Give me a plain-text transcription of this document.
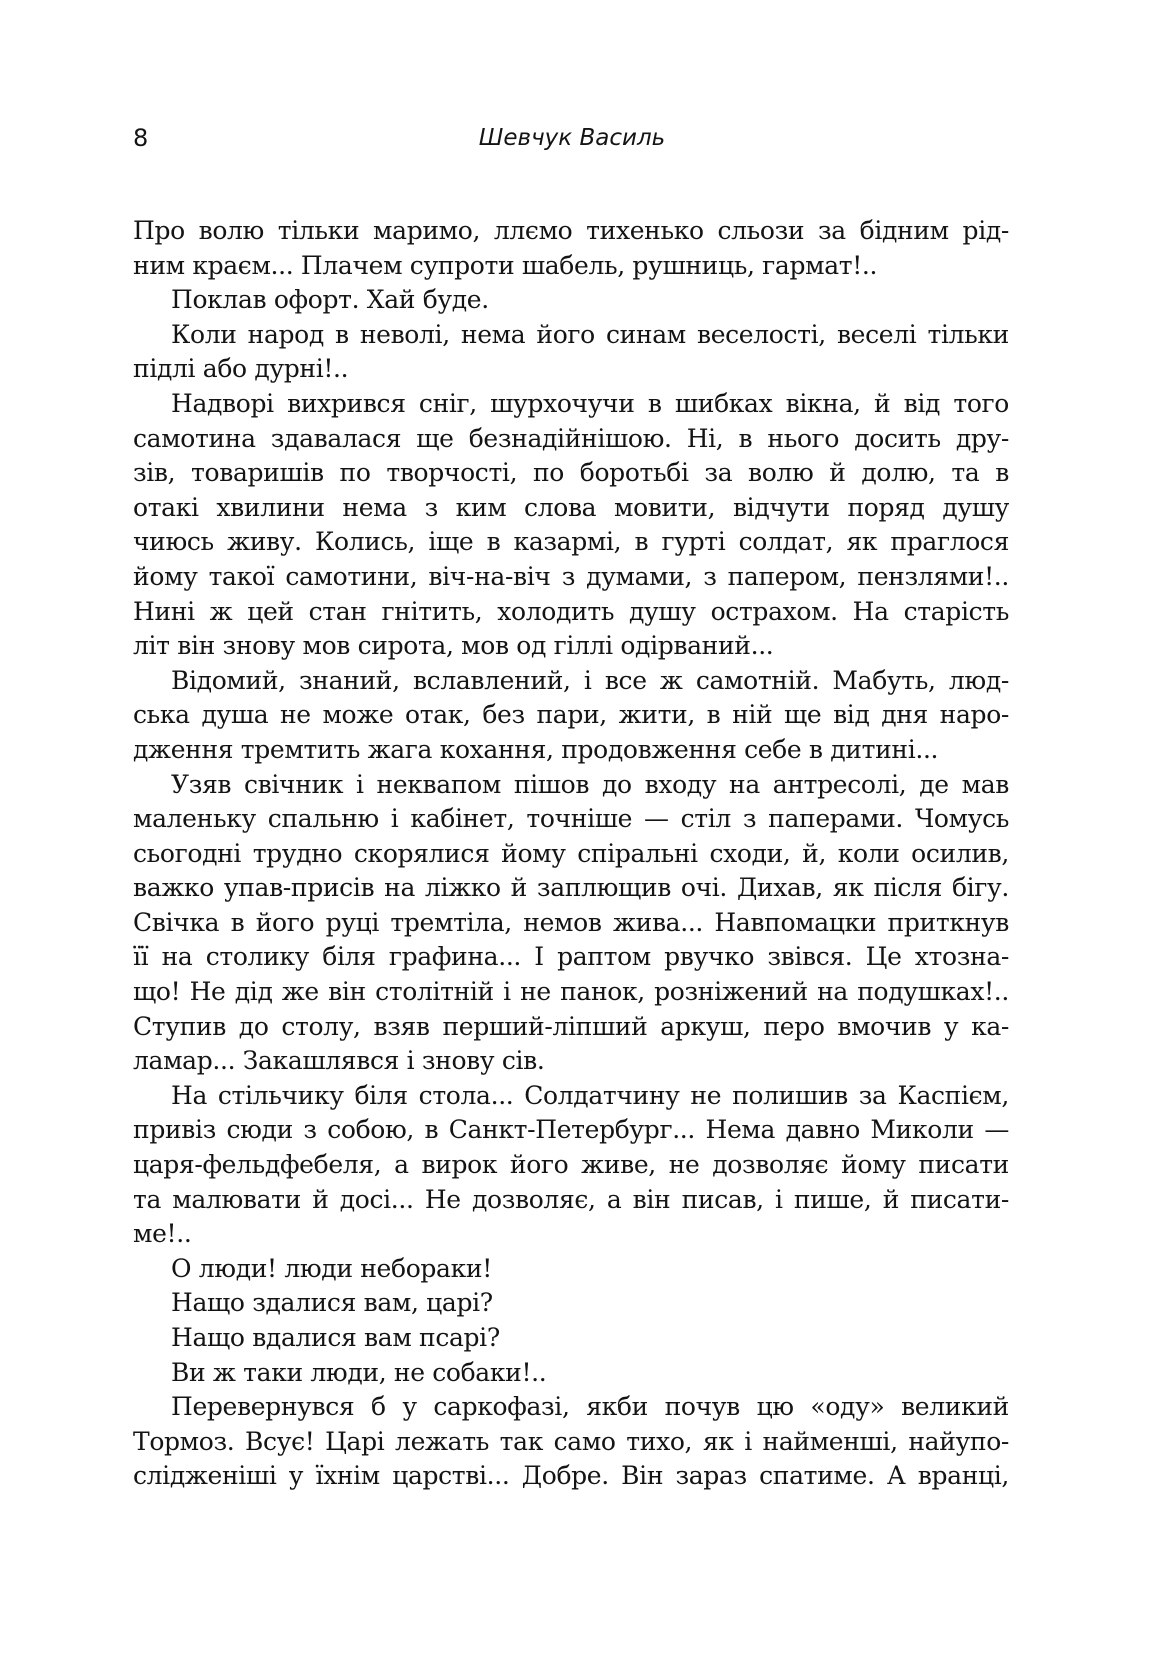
8	Шевчук Василь
Про волю тільки маримо, ллємо тихенько сльози за бідним рід-
ним краєм... Плачем супроти шабель, рушниць, гармат!..
Поклав офорт. Хай буде.
Коли народ в неволі, нема його синам веселості, веселі тільки
підлі або дурні!..
Надворі вихрився сніг, шурхочучи в шибках вікна, й від того
самотина здавалася ще безнадійнішою. Ні, в нього досить дру-
зів, товаришів по творчості, по боротьбі за волю й долю, та в
отакі хвилини нема з ким слова мовити, відчути поряд душу
чиюсь живу. Колись, іще в казармі, в гурті солдат, як праглося
йому такої самотини, віч-на-віч з думами, з папером, пензлями!..
Нині ж цей стан гнітить, холодить душу острахом. На старість
літ він знову мов сирота, мов од гіллі одірваний...
Відомий, знаний, вславлений, і все ж самотній. Мабуть, люд-
ська душа не може отак, без пари, жити, в ній ще від дня наро-
дження тремтить жага кохання, продовження себе в дитині...
Узяв свічник і неквапом пішов до входу на антресолі, де мав
маленьку спальню і кабінет, точніше — стіл з паперами. Чомусь
сьогодні трудно скорялися йому спіральні сходи, й, коли осилив,
важко упав-присів на ліжко й заплющив очі. Дихав, як після бігу.
Свічка в його руці тремтіла, немов жива... Навпомацки приткнув
її на столику біля графина... І раптом рвучко звівся. Це хтозна-
що! Не дід же він столітній і не панок, розніжений на подушках!..
Ступив до столу, взяв перший-ліпший аркуш, перо вмочив у ка-
ламар... Закашлявся і знову сів.
На стільчику біля стола... Солдатчину не полишив за Каспієм,
привіз сюди з собою, в Санкт-Петербург... Нема давно Миколи —
царя-фельдфебеля, а вирок його живе, не дозволяє йому писати
та малювати й досі... Не дозволяє, а він писав, і пише, й писати-
ме!..
О люди! люди небораки!
Нащо здалися вам, царі?
Нащо вдалися вам псарі?
Ви ж таки люди, не собаки!..
Перевернувся б у саркофазі, якби почув цю «оду» великий
Тормоз. Всує! Царі лежать так само тихо, як і найменші, найупо-
слідженіші у їхнім царстві... Добре. Він зараз спатиме. А вранці,
